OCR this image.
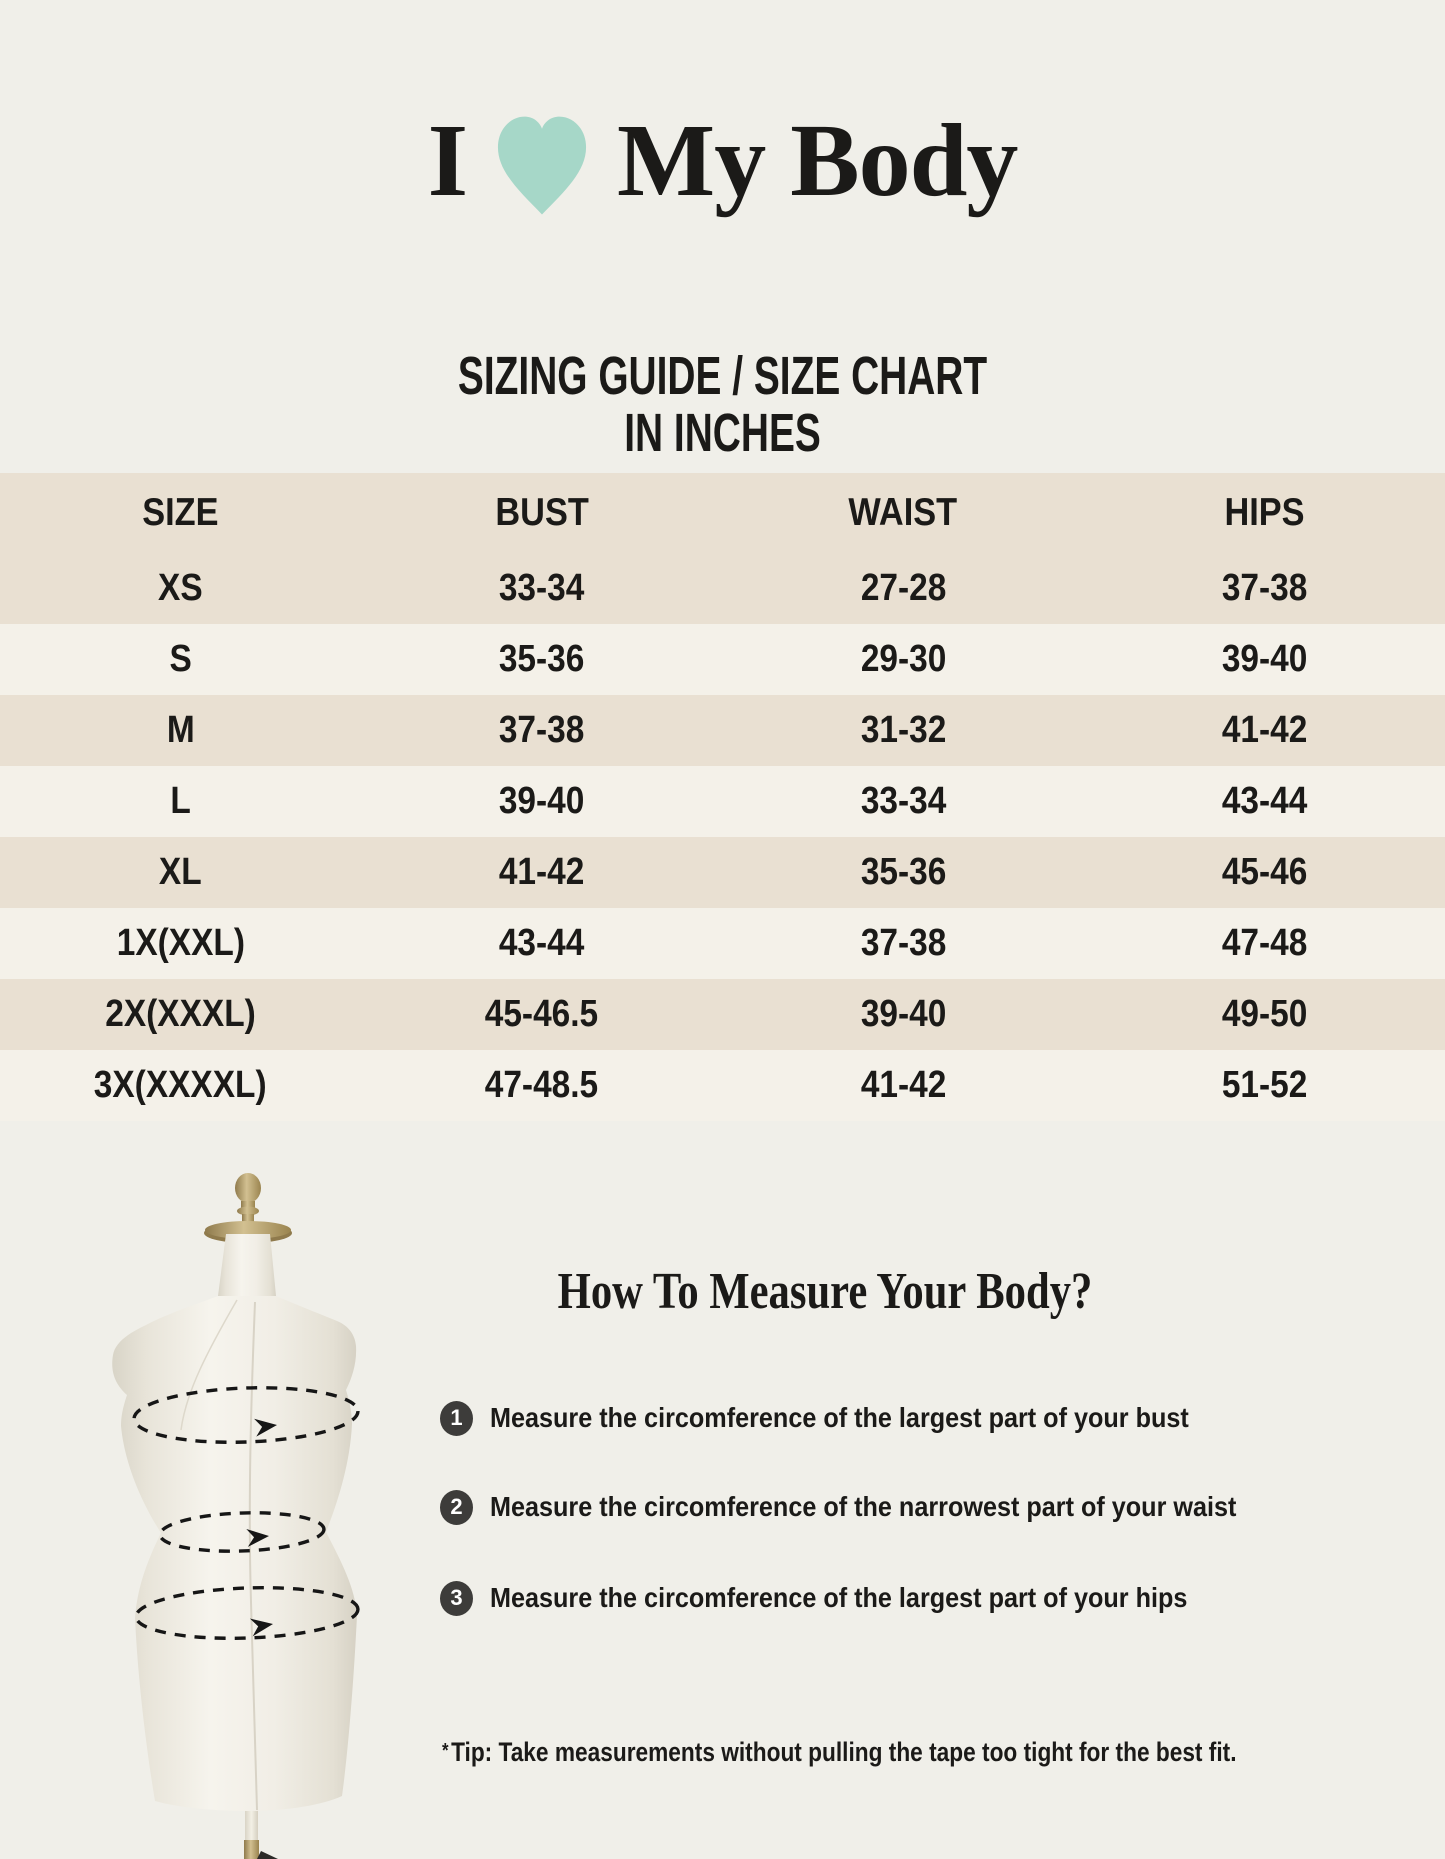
I My Body
SIZING GUIDE / SIZE CHART
IN INCHES
SIZE	BUST	WAIST	HIPS
XS	33-34	27-28	37-38
S	35-36	29-30	39-40
M	37-38	31-32	41-42
L	39-40	33-34	43-44
XL	41-42	35-36	45-46
1X(XXL)	43-44	37-38	47-48
2X(XXXL)	45-46.5	39-40	49-50
3X(XXXXL)	47-48.5	41-42	51-52
How To Measure Your Body?
1 Measure the circomference of the largest part of your bust
2 Measure the circomference of the narrowest part of your waist
3 Measure the circomference of the largest part of your hips
*Tip: Take measurements without pulling the tape too tight for the best fit.
